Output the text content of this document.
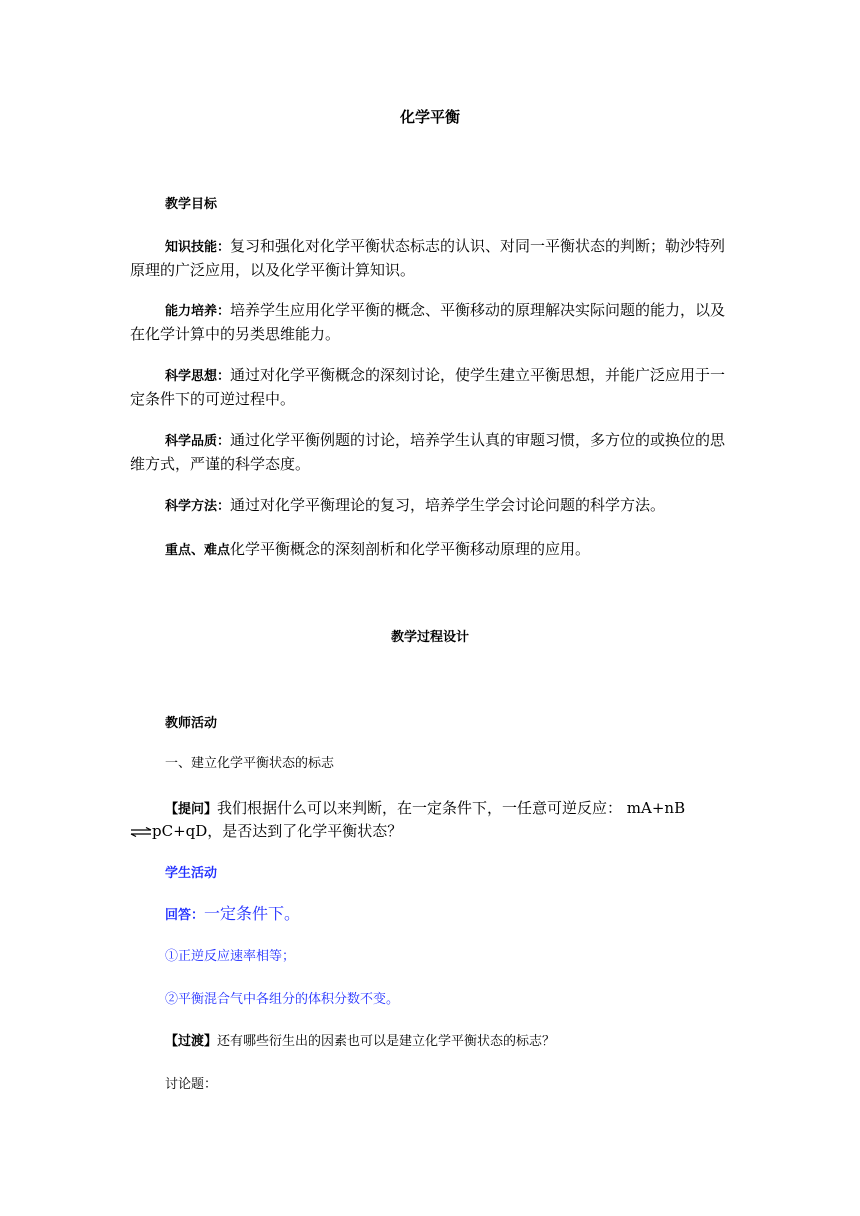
化学平衡
教学目标
知识技能：复习和强化对化学平衡状态标志的认识、对同一平衡状态的判断；勒沙特列原理的广泛应用，以及化学平衡计算知识。
能力培养：培养学生应用化学平衡的概念、平衡移动的原理解决实际问题的能力，以及在化学计算中的另类思维能力。
科学思想：通过对化学平衡概念的深刻讨论，使学生建立平衡思想，并能广泛应用于一定条件下的可逆过程中。
科学品质：通过化学平衡例题的讨论，培养学生认真的审题习惯，多方位的或换位的思维方式，严谨的科学态度。
科学方法：通过对化学平衡理论的复习，培养学生学会讨论问题的科学方法。
重点、难点化学平衡概念的深刻剖析和化学平衡移动原理的应用。
教学过程设计
教师活动
一、建立化学平衡状态的标志
【提问】我们根据什么可以来判断，在一定条件下，一任意可逆反应： mA+nB
⇌pC+qD，是否达到了化学平衡状态？
学生活动
回答：一定条件下。
①正逆反应速率相等；
②平衡混合气中各组分的体积分数不变。
【过渡】还有哪些衍生出的因素也可以是建立化学平衡状态的标志？
讨论题：
